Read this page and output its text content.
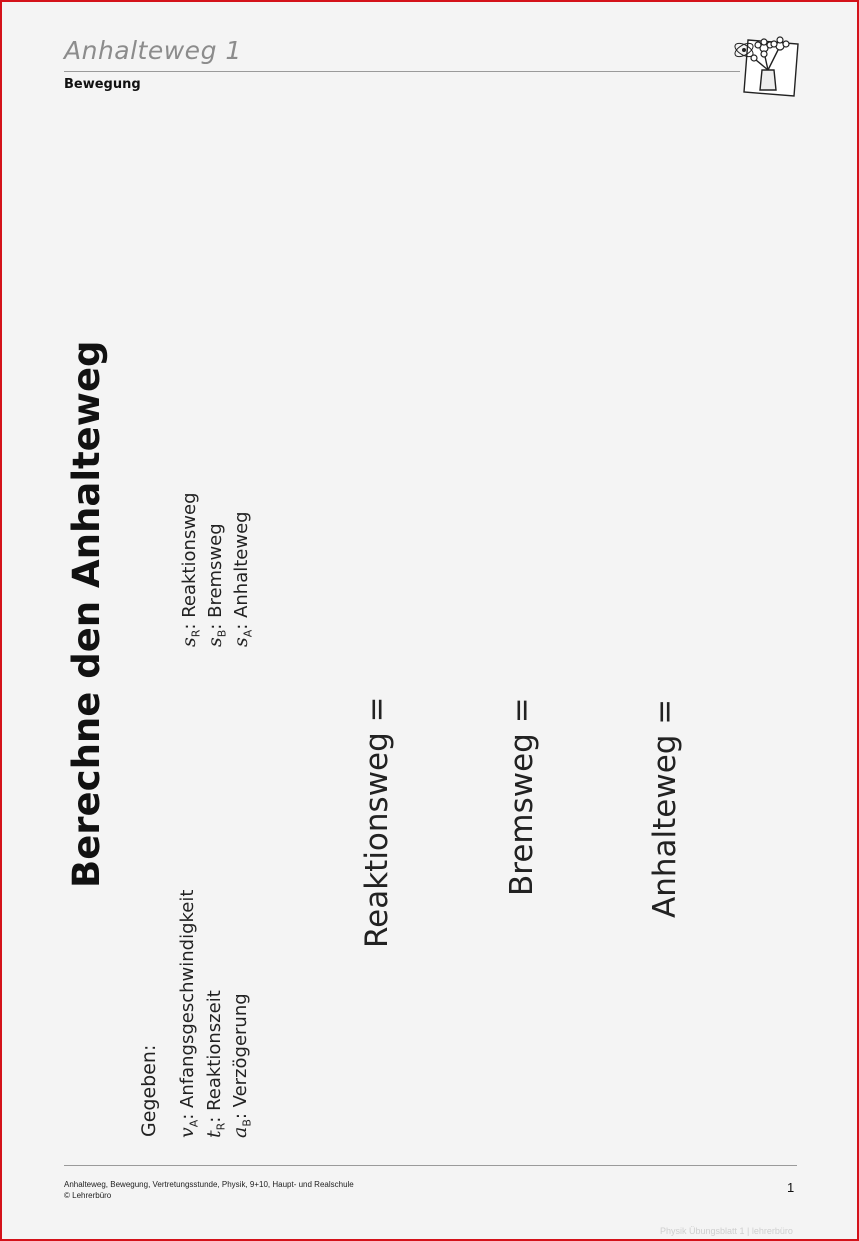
Anhalteweg 1
Bewegung
Berechne den Anhalteweg
Gegeben: $v_A$: Anfangsgeschwindigkeit
$t_R$: Reaktionszeit
$a_B$: Verzögerung
$s_R$: Reaktionsweg
$s_B$: Bremsweg
$s_A$: Anhalteweg
Reaktionsweg =	Bremsweg =	Anhalteweg =
Anhalteweg, Bewegung, Vertretungsstunde, Physik, 9+10, Haupt- und Realschule
© Lehrerbüro
1
Physik Übungsblatt 1 | lehrerbüro
